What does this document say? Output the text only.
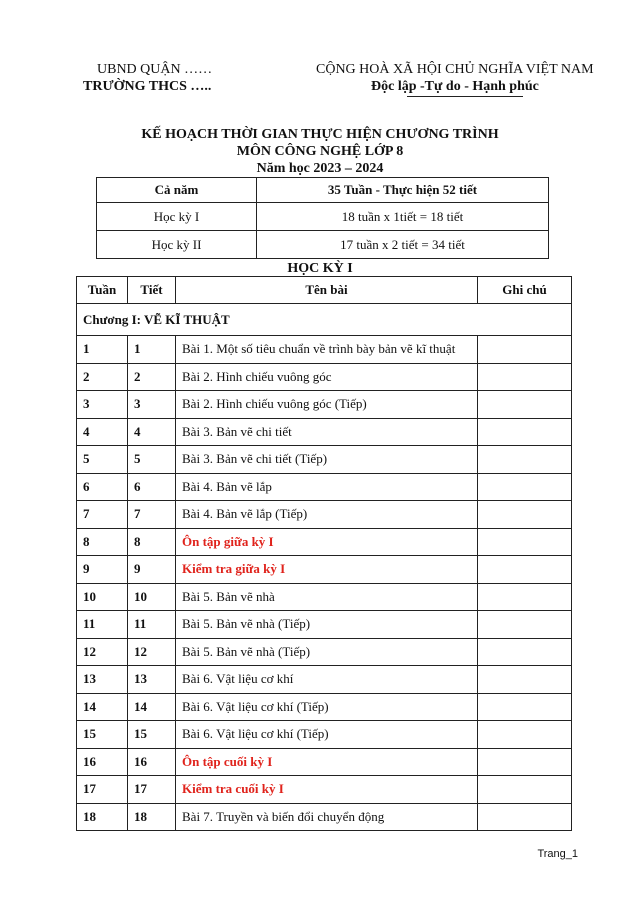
UBND QUẬN ……
TRƯỜNG THCS …..
CỘNG HOÀ XÃ HỘI CHỦ NGHĨA VIỆT NAM
Độc lập -Tự do - Hạnh phúc
KẾ HOẠCH THỜI GIAN THỰC HIỆN CHƯƠNG TRÌNH
MÔN CÔNG NGHỆ LỚP 8
Năm học 2023 – 2024
Cả năm	35 Tuần - Thực hiện 52 tiết
Học kỳ I	18 tuần x 1tiết = 18 tiết
Học kỳ II	17 tuần x 2 tiết = 34 tiết
HỌC KỲ I
Tuần	Tiết	Tên bài	Ghi chú
Chương I: VẼ KĨ THUẬT			
1	1	Bài 1. Một số tiêu chuẩn về trình bày bản vẽ kĩ thuật	
2	2	Bài 2. Hình chiếu vuông góc	
3	3	Bài 2. Hình chiếu vuông góc (Tiếp)	
4	4	Bài 3. Bản vẽ chi tiết	
5	5	Bài 3. Bản vẽ chi tiết (Tiếp)	
6	6	Bài 4. Bản vẽ lắp	
7	7	Bài 4. Bản vẽ lắp (Tiếp)	
8	8	Ôn tập giữa kỳ I	
9	9	Kiểm tra giữa kỳ I	
10	10	Bài 5. Bản vẽ nhà	
11	11	Bài 5. Bản vẽ nhà (Tiếp)	
12	12	Bài 5. Bản vẽ nhà (Tiếp)	
13	13	Bài 6. Vật liệu cơ khí	
14	14	Bài 6. Vật liệu cơ khí (Tiếp)	
15	15	Bài 6. Vật liệu cơ khí (Tiếp)	
16	16	Ôn tập cuối kỳ I	
17	17	Kiểm tra cuối kỳ I	
18	18	Bài 7. Truyền và biến đổi chuyển động	
Trang_1
